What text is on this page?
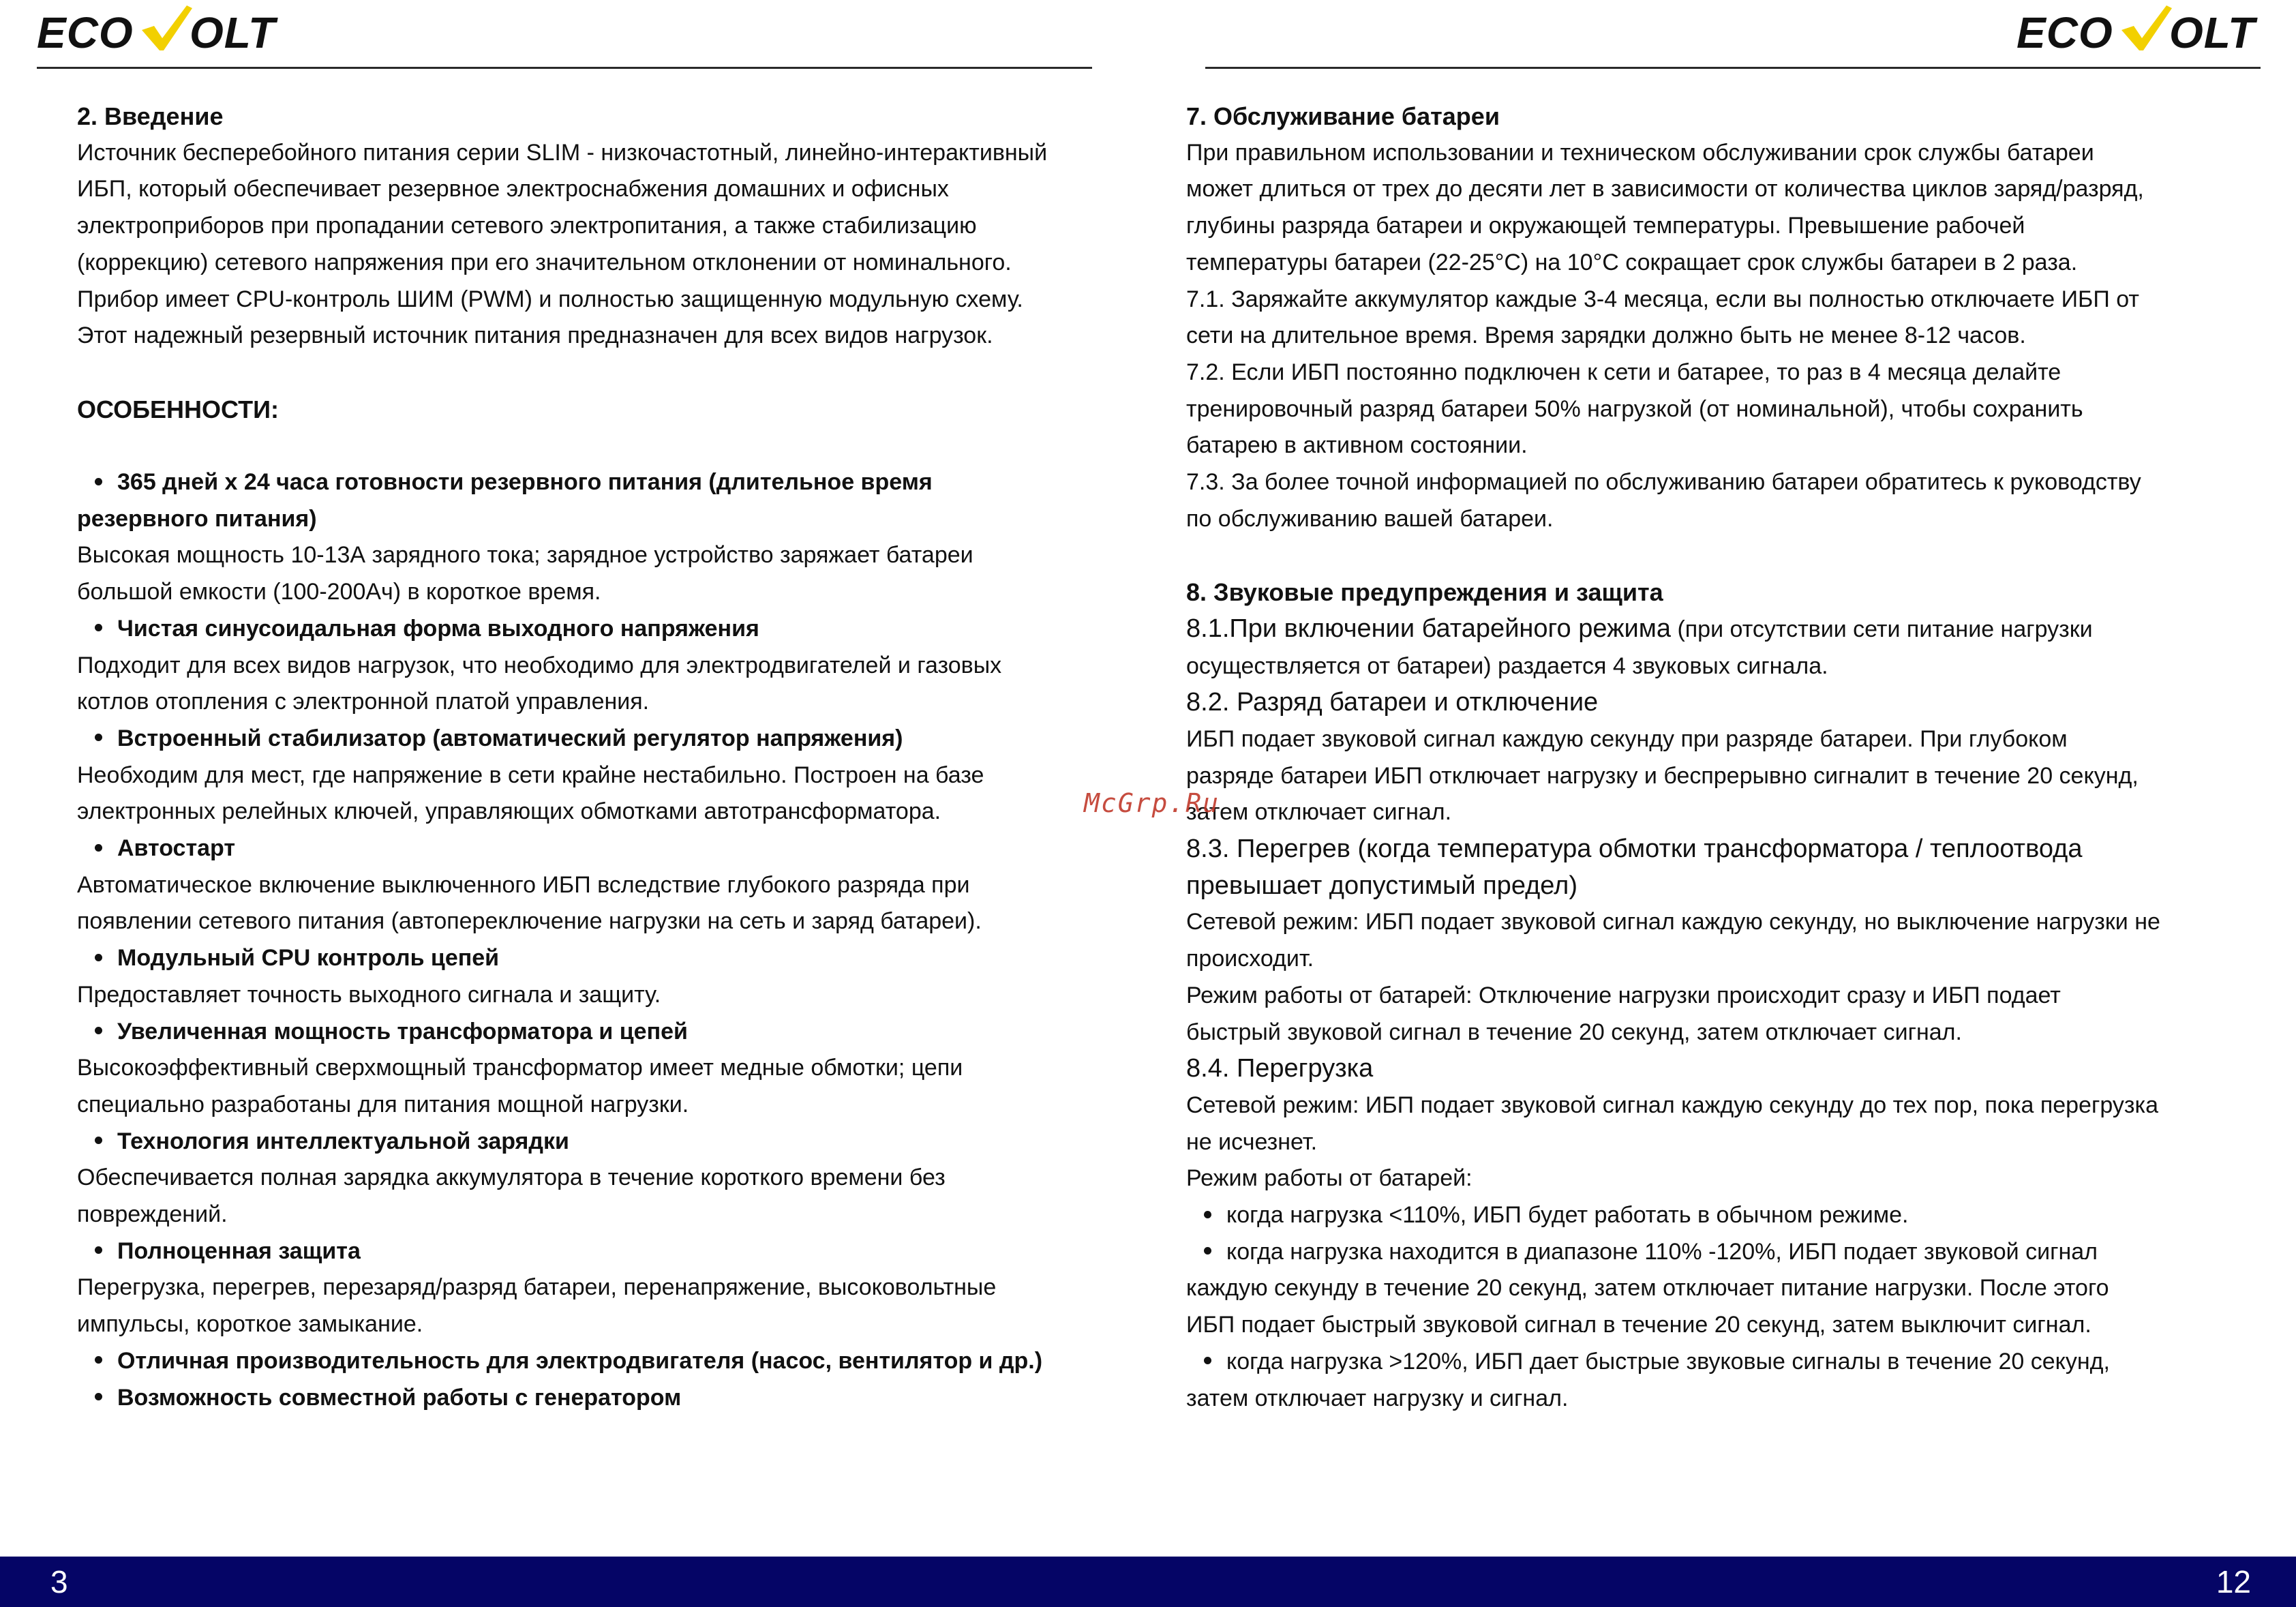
ECO OLT	ECO OLT

2. Введение

Источник бесперебойного питания серии SLIM - низкочастотный, линейно-интерактивный

ИБП, который обеспечивает резервное электроснабжения домашних и офисных

электроприборов при пропадании сетевого электропитания, а также стабилизацию

(коррекцию) сетевого напряжения при его значительном отклонении от номинального.

Прибор имеет CPU-контроль ШИМ (PWM) и полностью защищенную модульную схему.

Этот надежный резервный источник питания предназначен для всех видов нагрузок.

ОСОБЕННОСТИ:

365 дней х 24 часа готовности резервного питания (длительное время

резервного питания)

Высокая мощность 10-13А зарядного тока; зарядное устройство заряжает батареи

большой емкости (100-200Ач) в короткое время.

Чистая синусоидальная форма выходного напряжения

Подходит для всех видов нагрузок, что необходимо для электродвигателей и газовых

котлов отопления с электронной платой управления.

Встроенный стабилизатор (автоматический регулятор напряжения)

Необходим для мест, где напряжение в сети крайне нестабильно. Построен на базе

электронных релейных ключей, управляющих обмотками автотрансформатора.

Автостарт

Автоматическое включение выключенного ИБП вследствие глубокого разряда при

появлении сетевого питания (автопереключение нагрузки на сеть и заряд батареи).

Модульный CPU контроль цепей

Предоставляет точность выходного сигнала и защиту.

Увеличенная мощность трансформатора и цепей

Высокоэффективный сверхмощный трансформатор имеет медные обмотки; цепи

специально разработаны для питания мощной нагрузки.

Технология интеллектуальной зарядки

Обеспечивается полная зарядка аккумулятора в течение короткого времени без

повреждений.

Полноценная защита

Перегрузка, перегрев, перезаряд/разряд батареи, перенапряжение, высоковольтные

импульсы, короткое замыкание.

Отличная производительность для электродвигателя (насос, вентилятор и др.)

Возможность совместной работы с генератором

7. Обслуживание батареи

При правильном использовании и техническом обслуживании срок службы батареи

может длиться от трех до десяти лет в зависимости от количества циклов заряд/разряд,

глубины разряда батареи и окружающей температуры. Превышение рабочей

температуры батареи (22-25°С) на 10°С сокращает срок службы батареи в 2 раза.

7.1. Заряжайте аккумулятор каждые 3-4 месяца, если вы полностью отключаете ИБП от

сети на длительное время. Время зарядки должно быть не менее 8-12 часов.

7.2. Если ИБП постоянно подключен к сети и батарее, то раз в 4 месяца делайте

тренировочный разряд батареи 50% нагрузкой (от номинальной), чтобы сохранить

батарею в активном состоянии.

7.3. За более точной информацией по обслуживанию батареи обратитесь к руководству

по обслуживанию вашей батареи.

8. Звуковые предупреждения и защита

8.1.При включении батарейного режима (при отсутствии сети питание нагрузки

осуществляется от батареи) раздается 4 звуковых сигнала.

8.2. Разряд батареи и отключение

ИБП подает звуковой сигнал каждую секунду при разряде батареи. При глубоком

разряде батареи ИБП отключает нагрузку и беспрерывно сигналит в течение 20 секунд,

затем отключает сигнал.

8.3. Перегрев (когда температура обмотки трансформатора / теплоотвода

превышает допустимый предел)

Сетевой режим: ИБП подает звуковой сигнал каждую секунду, но выключение нагрузки не

происходит.

Режим работы от батарей: Отключение нагрузки происходит сразу и ИБП подает

быстрый звуковой сигнал в течение 20 секунд, затем отключает сигнал.

8.4. Перегрузка

Сетевой режим: ИБП подает звуковой сигнал каждую секунду до тех пор, пока перегрузка

не исчезнет.

Режим работы от батарей:

когда нагрузка <110%, ИБП будет работать в обычном режиме.

когда нагрузка находится в диапазоне 110% -120%, ИБП подает звуковой сигнал

каждую секунду в течение 20 секунд, затем отключает питание нагрузки. После этого

ИБП подает быстрый звуковой сигнал в течение 20 секунд, затем выключит сигнал.

когда нагрузка >120%, ИБП дает быстрые звуковые сигналы в течение 20 секунд,

затем отключает нагрузку и сигнал.

McGrp.Ru
3	12
